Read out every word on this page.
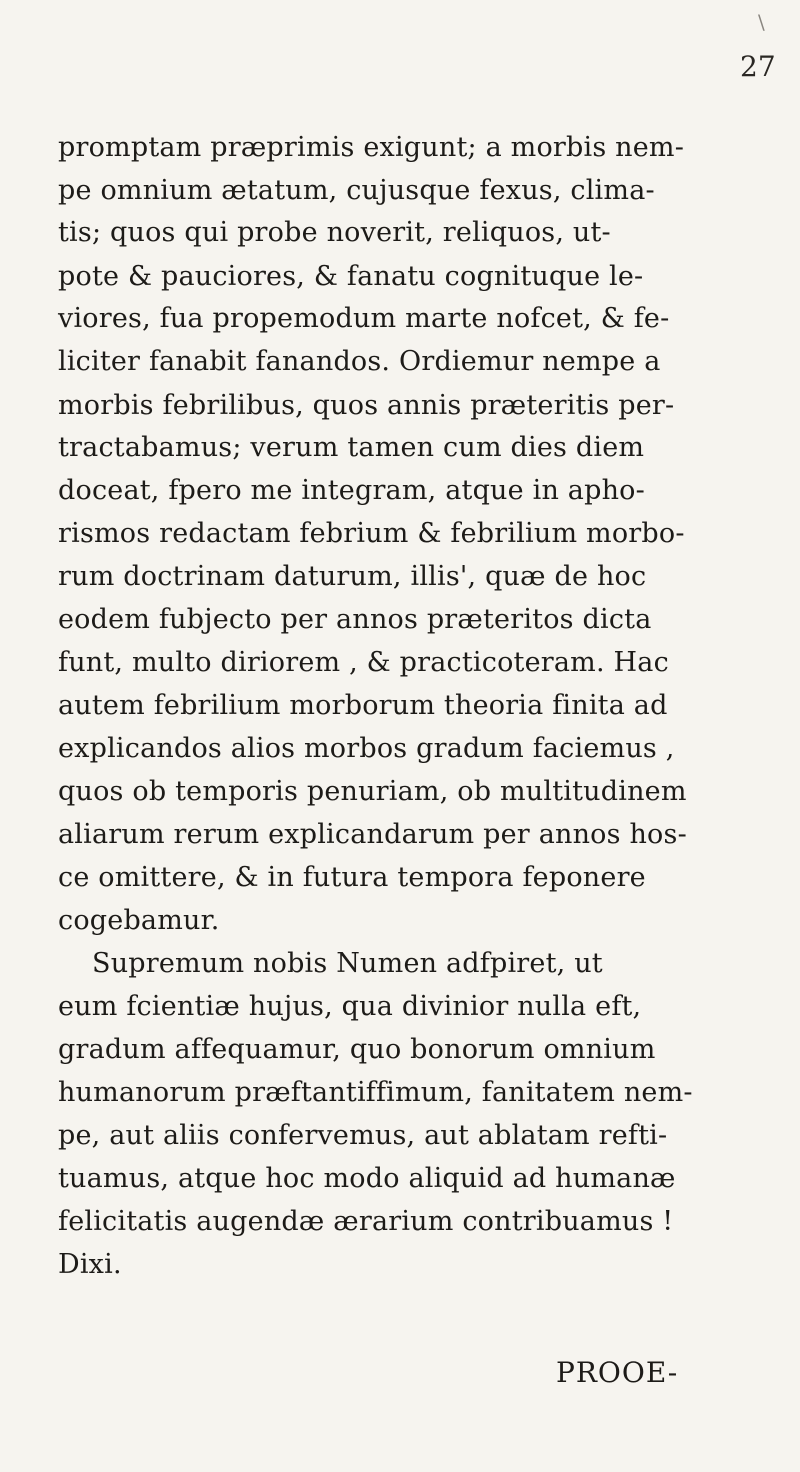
\
27
promptam præprimis exigunt; a morbis nem-
pe omnium ætatum, cujusque fexus, clima-
tis; quos qui probe noverit, reliquos, ut-
pote & pauciores, & fanatu cognituque le-
viores, fua propemodum marte nofcet, & fe-
liciter fanabit fanandos. Ordiemur nempe a
morbis febrilibus, quos annis præteritis per-
tractabamus; verum tamen cum dies diem
doceat, fpero me integram, atque in apho-
rismos redactam febrium & febrilium morbo-
rum doctrinam daturum, illis', quæ de hoc
eodem fubjecto per annos præteritos dicta
funt, multo diriorem , & practicoteram. Hac
autem febrilium morborum theoria finita ad
explicandos alios morbos gradum faciemus ,
quos ob temporis penuriam, ob multitudinem
aliarum rerum explicandarum per annos hos-
ce omittere, & in futura tempora feponere
cogebamur.
Supremum nobis Numen adfpiret, ut
eum fcientiæ hujus, qua divinior nulla eft,
gradum affequamur, quo bonorum omnium
humanorum præftantiffimum, fanitatem nem-
pe, aut aliis confervemus, aut ablatam refti-
tuamus, atque hoc modo aliquid ad humanæ
felicitatis augendæ ærarium contribuamus !
Dixi.
PROOE-
